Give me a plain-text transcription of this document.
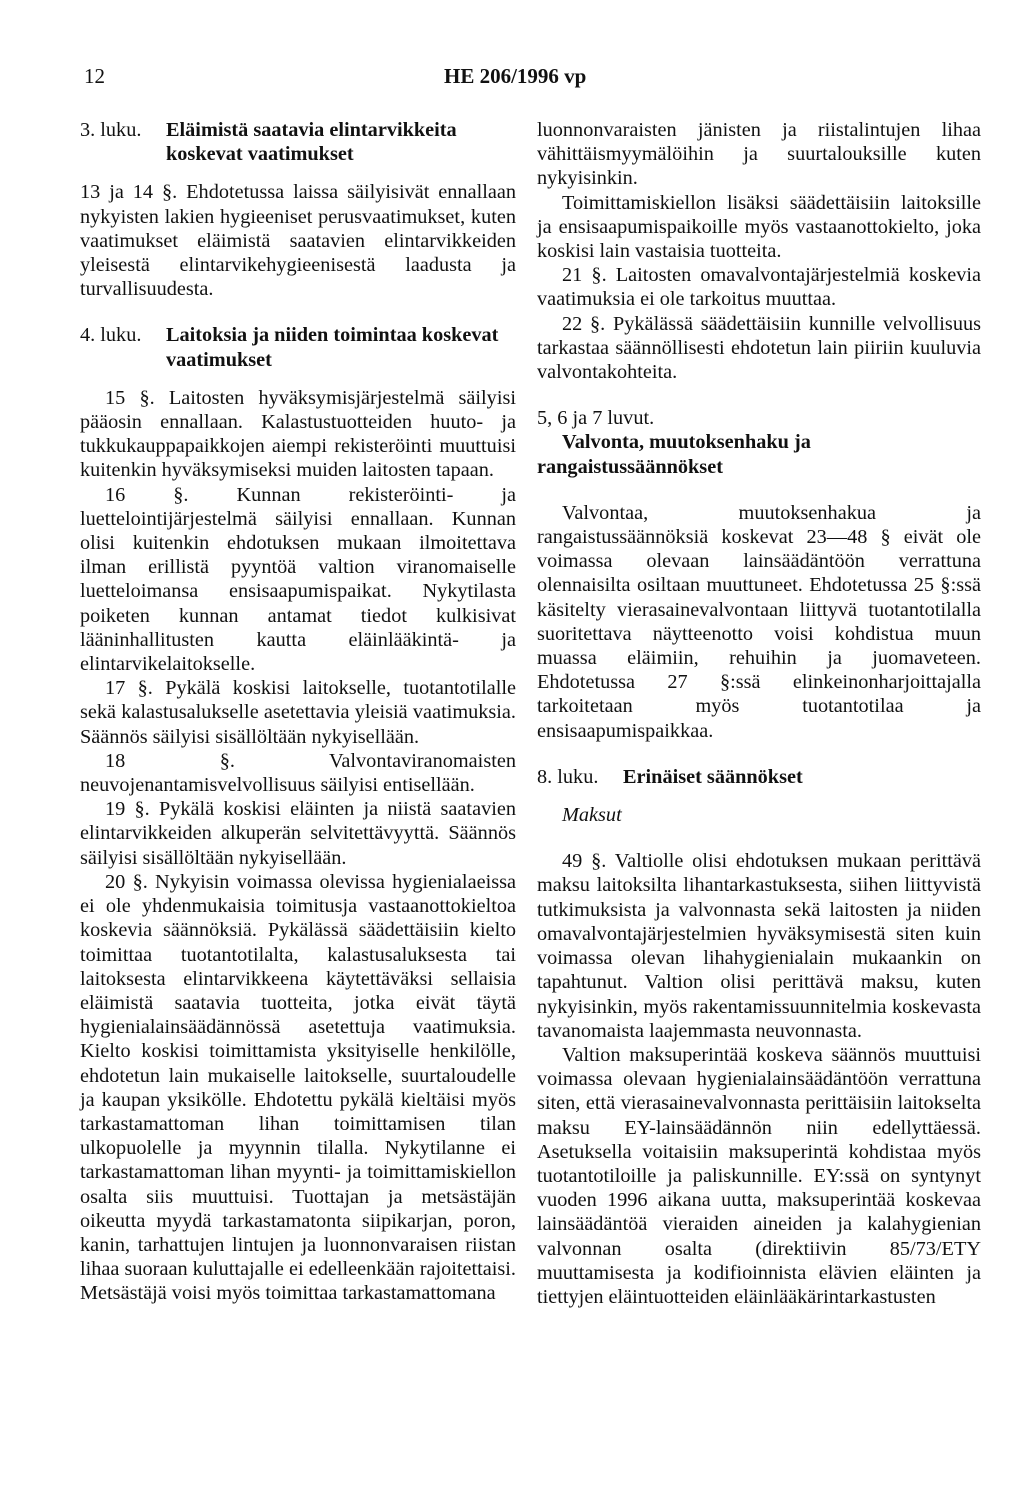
12	HE 206/1996 vp
3. luku.	Eläimistä saatavia elintarvikkeita koskevat vaatimukset

13 ja 14 §. Ehdotetussa laissa säilyisivät ennallaan nykyisten lakien hygieeniset perusvaatimukset, kuten vaatimukset eläimistä saatavien elintarvikkeiden yleisestä elintarvikehygieenisestä laadusta ja turvallisuudesta.

4. luku.	Laitoksia ja niiden toimintaa koskevat vaatimukset

15 §. Laitosten hyväksymisjärjestelmä säilyisi pääosin ennallaan. Kalastustuotteiden huuto- ja tukkukauppapaikkojen aiempi rekisteröinti muuttuisi kuitenkin hyväksymiseksi muiden laitosten tapaan.

16 §. Kunnan rekisteröinti- ja luettelointijärjestelmä säilyisi ennallaan. Kunnan olisi kuitenkin ehdotuksen mukaan ilmoitettava ilman erillistä pyyntöä valtion viranomaiselle luetteloimansa ensisaapumispaikat. Nykytilasta poiketen kunnan antamat tiedot kulkisivat lääninhallitusten kautta eläinlääkintä- ja elintarvikelaitokselle.

17 §. Pykälä koskisi laitokselle, tuotantotilalle sekä kalastusalukselle asetettavia yleisiä vaatimuksia. Säännös säilyisi sisällöltään nykyisellään.

18 §. Valvontaviranomaisten neuvojenantamisvelvollisuus säilyisi entisellään.

19 §. Pykälä koskisi eläinten ja niistä saatavien elintarvikkeiden alkuperän selvitettävyyttä. Säännös säilyisi sisällöltään nykyisellään.

20 §. Nykyisin voimassa olevissa hygienialaeissa ei ole yhdenmukaisia toimitusja vastaanottokieltoa koskevia säännöksiä. Pykälässä säädettäisiin kielto toimittaa tuotantotilalta, kalastusaluksesta tai laitoksesta elintarvikkeena käytettäväksi sellaisia eläimistä saatavia tuotteita, jotka eivät täytä hygienialainsäädännössä asetettuja vaatimuksia. Kielto koskisi toimittamista yksityiselle henkilölle, ehdotetun lain mukaiselle laitokselle, suurtaloudelle ja kaupan yksikölle. Ehdotettu pykälä kieltäisi myös tarkastamattoman lihan toimittamisen tilan ulkopuolelle ja myynnin tilalla. Nykytilanne ei tarkastamattoman lihan myynti- ja toimittamiskiellon osalta siis muuttuisi. Tuottajan ja metsästäjän oikeutta myydä tarkastamatonta siipikarjan, poron, kanin, tarhattujen lintujen ja luonnonvaraisen riistan lihaa suoraan kuluttajalle ei edelleenkään rajoitettaisi. Metsästäjä voisi myös toimittaa tarkastamattomana

luonnonvaraisten jänisten ja riistalintujen lihaa vähittäismyymälöihin ja suurtalouksille kuten nykyisinkin.

Toimittamiskiellon lisäksi säädettäisiin laitoksille ja ensisaapumispaikoille myös vastaanottokielto, joka koskisi lain vastaisia tuotteita.

21 §. Laitosten omavalvontajärjestelmiä koskevia vaatimuksia ei ole tarkoitus muuttaa.

22 §. Pykälässä säädettäisiin kunnille velvollisuus tarkastaa säännöllisesti ehdotetun lain piiriin kuuluvia valvontakohteita.

5, 6 ja 7 luvut.

Valvonta, muutoksenhaku ja rangaistussäännökset

Valvontaa, muutoksenhakua ja rangaistussäännöksiä koskevat 23—48 § eivät ole voimassa olevaan lainsäädäntöön verrattuna olennaisilta osiltaan muuttuneet. Ehdotetussa 25 §:ssä käsitelty vierasainevalvontaan liittyvä tuotantotilalla suoritettava näytteenotto voisi kohdistua muun muassa eläimiin, rehuihin ja juomaveteen. Ehdotetussa 27 §:ssä elinkeinonharjoittajalla tarkoitetaan myös tuotantotilaa ja ensisaapumispaikkaa.

8. luku.	Erinäiset säännökset

Maksut

49 §. Valtiolle olisi ehdotuksen mukaan perittävä maksu laitoksilta lihantarkastuksesta, siihen liittyvistä tutkimuksista ja valvonnasta sekä laitosten ja niiden omavalvontajärjestelmien hyväksymisestä siten kuin voimassa olevan lihahygienialain mukaankin on tapahtunut. Valtion olisi perittävä maksu, kuten nykyisinkin, myös rakentamissuunnitelmia koskevasta tavanomaista laajemmasta neuvonnasta.

Valtion maksuperintää koskeva säännös muuttuisi voimassa olevaan hygienialainsäädäntöön verrattuna siten, että vierasainevalvonnasta perittäisiin laitokselta maksu EY-lainsäädännön niin edellyttäessä. Asetuksella voitaisiin maksuperintä kohdistaa myös tuotantotiloille ja paliskunnille. EY:ssä on syntynyt vuoden 1996 aikana uutta, maksuperintää koskevaa lainsäädäntöä vieraiden aineiden ja kalahygienian valvonnan osalta (direktiivin 85/73/ETY muuttamisesta ja kodifioinnista elävien eläinten ja tiettyjen eläintuotteiden eläinlääkärintarkastusten
